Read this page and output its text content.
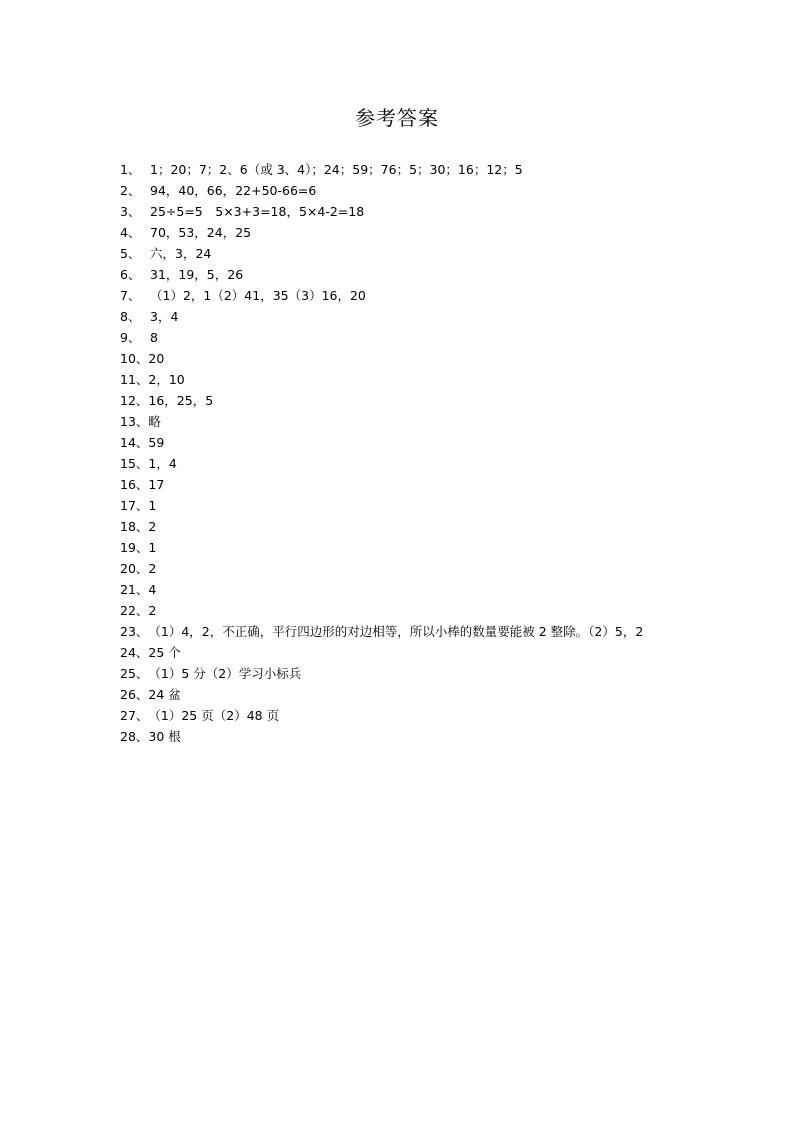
参考答案
1、 1；20；7；2、6（或 3、4）；24；59；76；5；30；16；12；5
2、 94，40，66，22+50-66=6
3、 25÷5=5　5×3+3=18，5×4-2=18
4、 70，53，24，25
5、 六，3，24
6、 31，19，5，26
7、 （1）2，1（2）41，35（3）16，20
8、 3，4
9、 8
10、20
11、2，10
12、16，25，5
13、略
14、59
15、1，4
16、17
17、1
18、2
19、1
20、2
21、4
22、2
23、（1）4，2，不正确，平行四边形的对边相等，所以小棒的数量要能被 2 整除。（2）5，2
24、25 个
25、（1）5 分（2）学习小标兵
26、24 盆
27、（1）25 页（2）48 页
28、30 根
